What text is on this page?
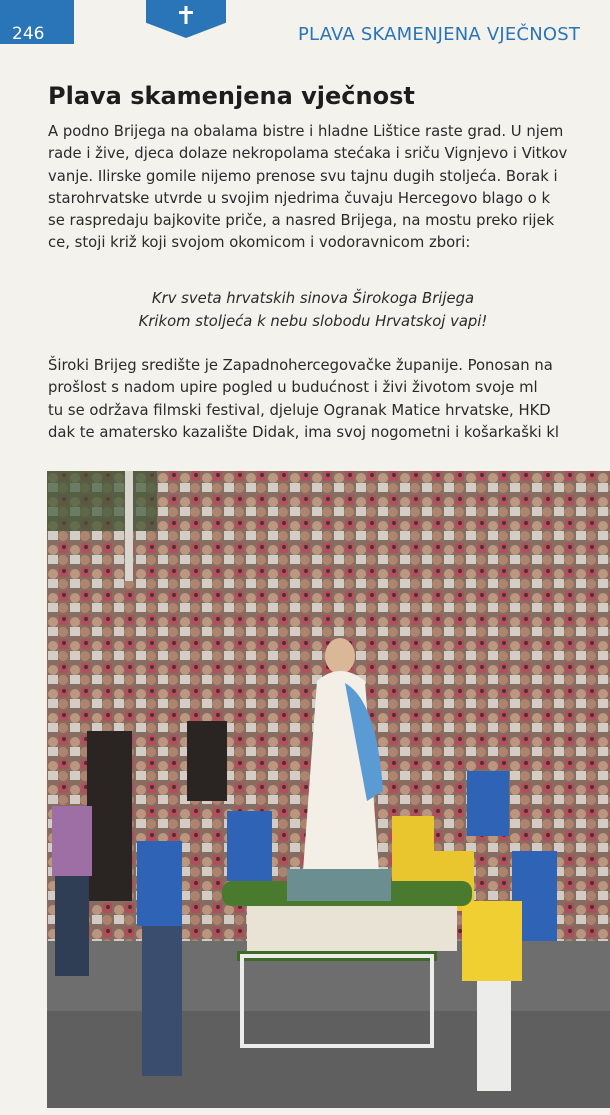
246	PLAVA SKAMENJENA VJEČNOST
Plava skamenjena vječnost
A podno Brijega na obalama bistre i hladne Lištice raste grad. U njem
rade i žive, djeca dolaze nekropolama stećaka i sriču Vignjevo i Vitkov
vanje. Ilirske gomile nijemo prenose svu tajnu dugih stoljeća. Borak i
starohrvatske utvrde u svojim njedrima čuvaju Hercegovo blago o k
se raspredaju bajkovite priče, a nasred Brijega, na mostu preko rijek
ce, stoji križ koji svojom okomicom i vodoravnicom zbori:
Krv sveta hrvatskih sinova Širokoga Brijega
Krikom stoljeća k nebu slobodu Hrvatskoj vapi!
Široki Brijeg središte je Zapadnohercegovačke županije. Ponosan na
prošlost s nadom upire pogled u budućnost i živi životom svoje ml
tu se održava filmski festival, djeluje Ogranak Matice hrvatske, HKD
dak te amatersko kazalište Didak, ima svoj nogometni i košarkaški kl
